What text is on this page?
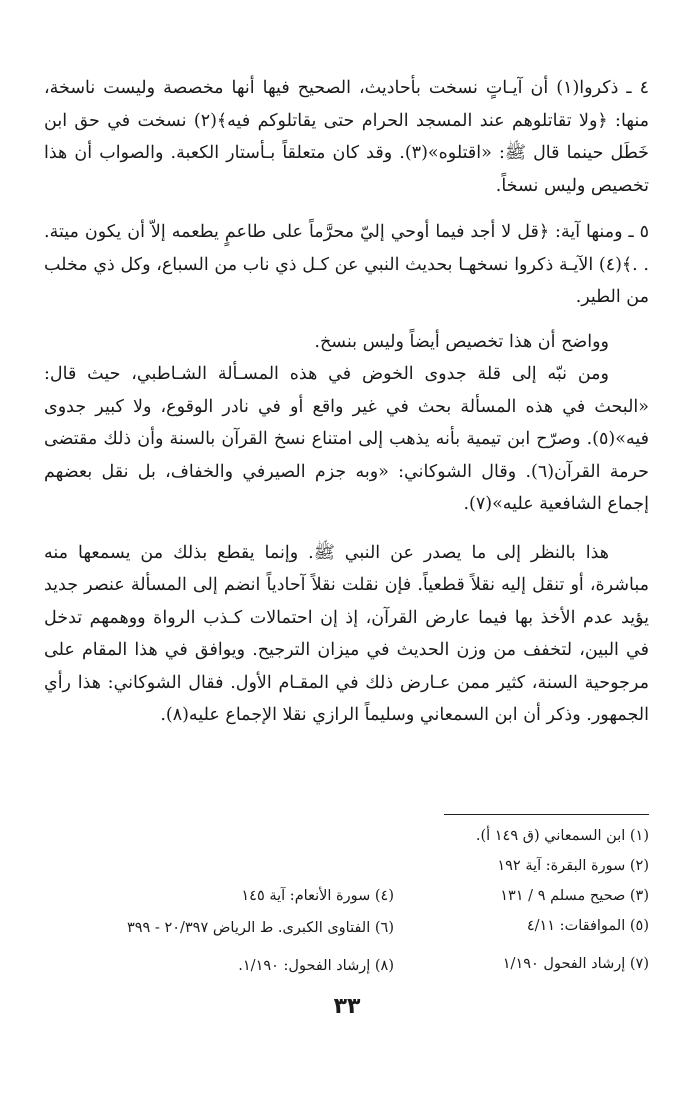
٤ ـ ذكروا(١) أن آيـاتٍ نسخت بأحاديث، الصحيح فيها أنها مخصصة وليست ناسخة، منها: ﴿ولا تقاتلوهم عند المسجد الحرام حتى يقاتلوكم فيه﴾(٢) نسخت في حق ابن خَطَل حينما قال ﷺ: «اقتلوه»(٣). وقد كان متعلقاً بـأستار الكعبة. والصواب أن هذا تخصيص وليس نسخاً.

٥ ـ ومنها آية: ﴿قل لا أجد فيما أوحي إليّ محرَّماً على طاعمٍ يطعمه إلاّ أن يكون ميتة. . .﴾(٤) الآيـة ذكروا نسخهـا بحديث النبي عن كـل ذي ناب من السباع، وكل ذي مخلب من الطير.

وواضح أن هذا تخصيص أيضاً وليس بنسخ.

ومن نبّه إلى قلة جدوى الخوض في هذه المسـألة الشـاطبي، حيث قال: «البحث في هذه المسألة بحث في غير واقع أو في نادر الوقوع، ولا كبير جدوى فيه»(٥). وصرّح ابن تيمية بأنه يذهب إلى امتناع نسخ القرآن بالسنة وأن ذلك مقتضى حرمة القرآن(٦). وقال الشوكاني: «وبه جزم الصيرفي والخفاف، بل نقل بعضهم إجماع الشافعية عليه»(٧).

هذا بالنظر إلى ما يصدر عن النبي ﷺ. وإنما يقطع بذلك من يسمعها منه مباشرة، أو تنقل إليه نقلاً قطعياً. فإن نقلت نقلاً آحادياً انضم إلى المسألة عنصر جديد يؤيد عدم الأخذ بها فيما عارض القرآن، إذ إن احتمالات كـذب الرواة ووهمهم تدخل في البين، لتخفف من وزن الحديث في ميزان الترجيح. ويوافق في هذا المقام على مرجوحية السنة، كثير ممن عـارض ذلك في المقـام الأول. فقال الشوكاني: هذا رأي الجمهور. وذكر أن ابن السمعاني وسليماً الرازي نقلا الإجماع عليه(٨).

(١) ابن السمعاني (ق ١٤٩ أ).
(٢) سورة البقرة: آية ١٩٢
(٣) صحيح مسلم ٩ / ١٣١
(٤) سورة الأنعام: آية ١٤٥
(٥) الموافقات: ٤/١١
(٦) الفتاوى الكبرى. ط الرياض ٢٠/٣٩٧ - ٣٩٩
(٧) إرشاد الفحول ١/١٩٠
(٨) إرشاد الفحول: ١/١٩٠.
٣٣
